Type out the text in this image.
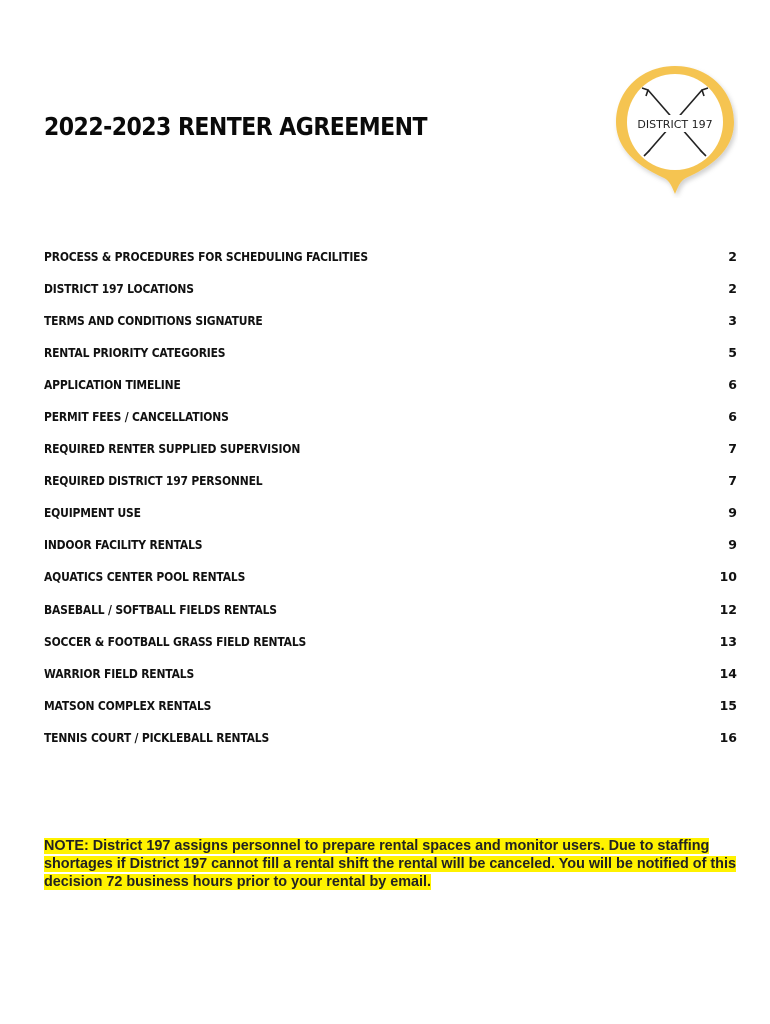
2022-2023 RENTER AGREEMENT	DISTRICT 197
PROCESS & PROCEDURES FOR SCHEDULING FACILITIES	2
DISTRICT 197 LOCATIONS	2
TERMS AND CONDITIONS SIGNATURE	3
RENTAL PRIORITY CATEGORIES	5
APPLICATION TIMELINE	6
PERMIT FEES / CANCELLATIONS	6
REQUIRED RENTER SUPPLIED SUPERVISION	7
REQUIRED DISTRICT 197 PERSONNEL	7
EQUIPMENT USE	9
INDOOR FACILITY RENTALS	9
AQUATICS CENTER POOL RENTALS	10
BASEBALL / SOFTBALL FIELDS RENTALS	12
SOCCER & FOOTBALL GRASS FIELD RENTALS	13
WARRIOR FIELD RENTALS	14
MATSON COMPLEX RENTALS	15
TENNIS COURT / PICKLEBALL RENTALS	16
NOTE: District 197 assigns personnel to prepare rental spaces and monitor users. Due to staffing shortages if District 197 cannot fill a rental shift the rental will be canceled. You will be notified of this decision 72 business hours prior to your rental by email.
